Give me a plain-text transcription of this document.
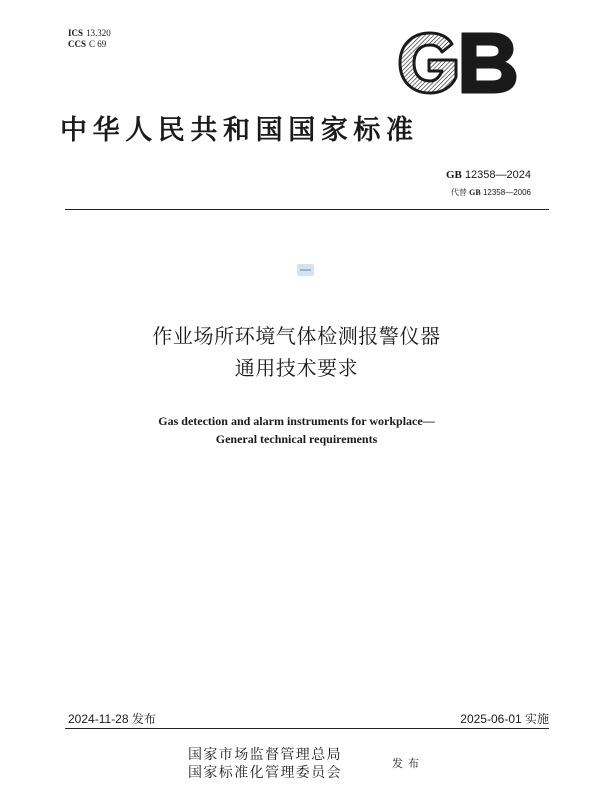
ICS 13.320
CCS C 69
中华人民共和国国家标准
GB 12358—2024
代替 GB 12358—2006
作业场所环境气体检测报警仪器
通用技术要求
Gas detection and alarm instruments for workplace—
General technical requirements
2024-11-28 发布	2025-06-01 实施
国家市场监督管理总局
国家标准化管理委员会
发布
